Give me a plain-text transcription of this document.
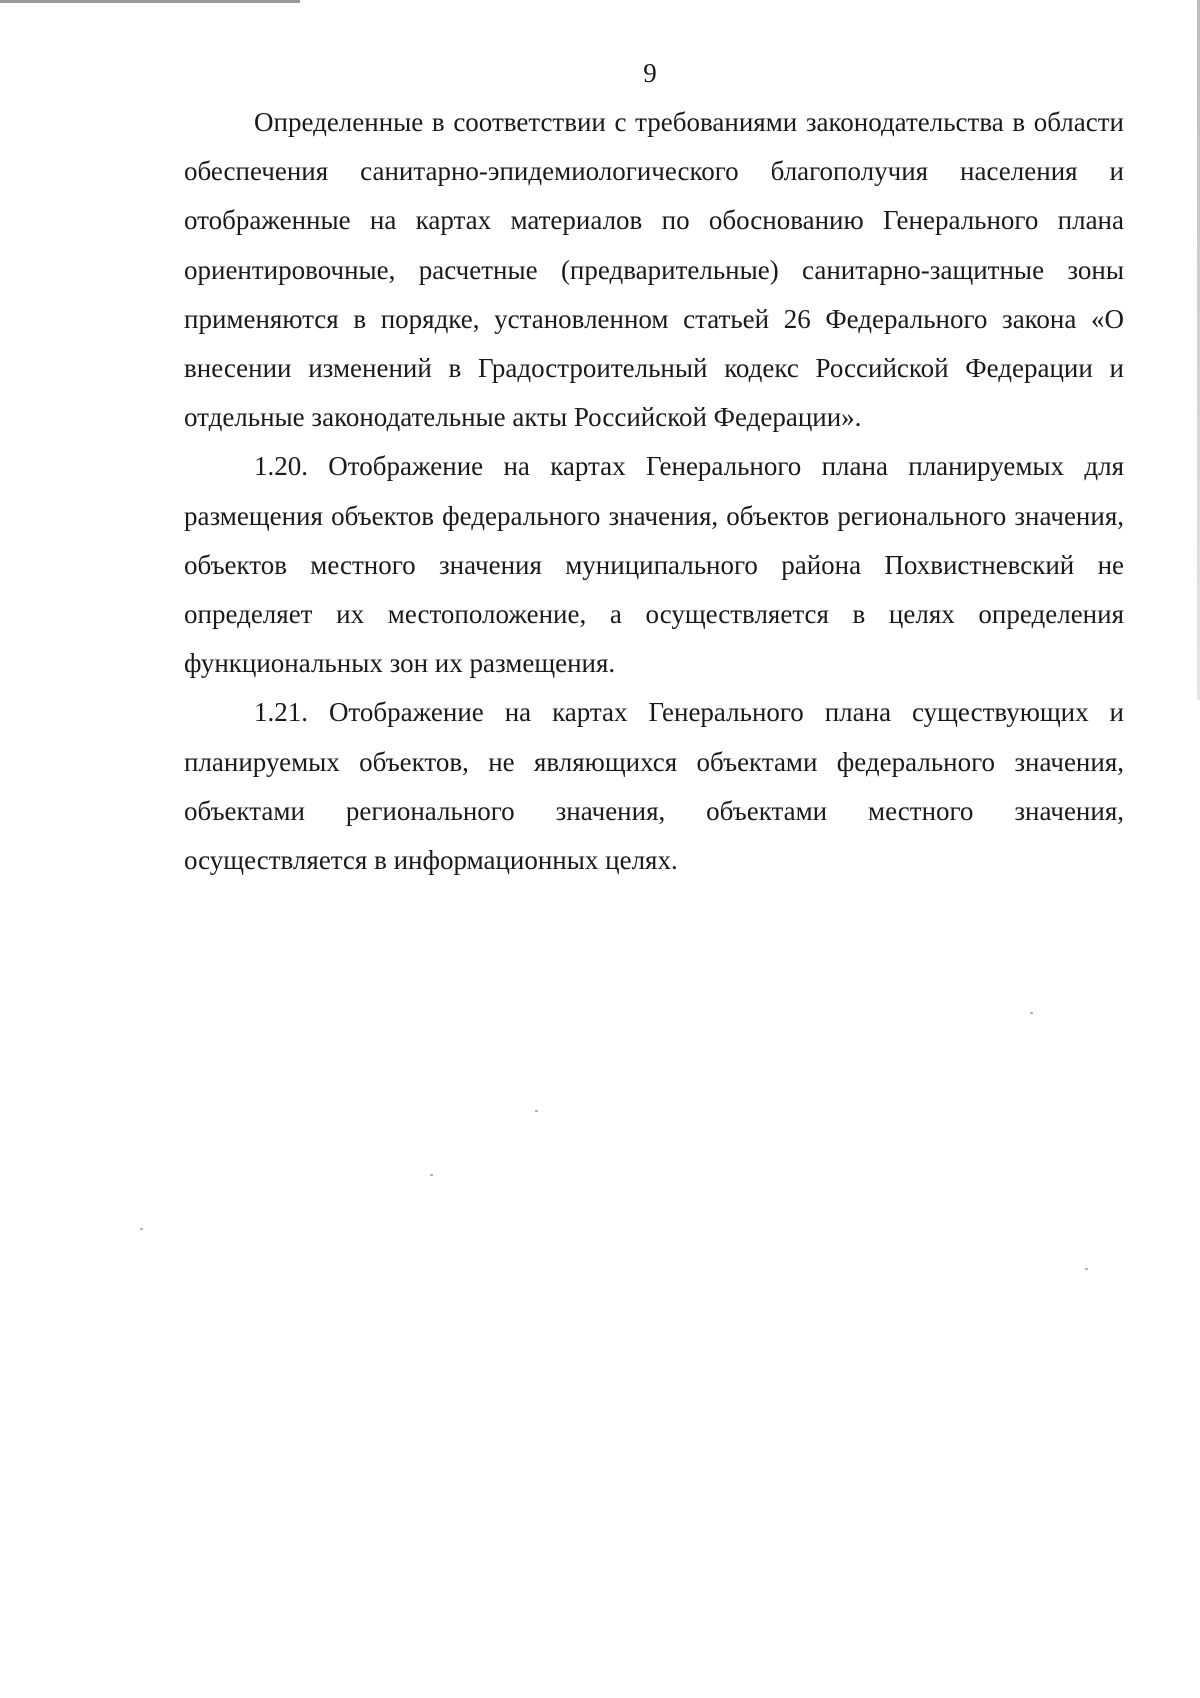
9

Определенные в соответствии с требованиями законодательства в области обеспечения санитарно-эпидемиологического благополучия населения и отображенные на картах материалов по обоснованию Генерального плана ориентировочные, расчетные (предварительные) санитарно-защитные зоны применяются в порядке, установленном статьей 26 Федерального закона «О внесении изменений в Градостроительный кодекс Российской Федерации и отдельные законодательные акты Российской Федерации».

1.20. Отображение на картах Генерального плана планируемых для размещения объектов федерального значения, объектов регионального значения, объектов местного значения муниципального района Похвистневский не определяет их местоположение, а осуществляется в целях определения функциональных зон их размещения.

1.21. Отображение на картах Генерального плана существующих и планируемых объектов, не являющихся объектами федерального значения, объектами регионального значения, объектами местного значения, осуществляется в информационных целях.
